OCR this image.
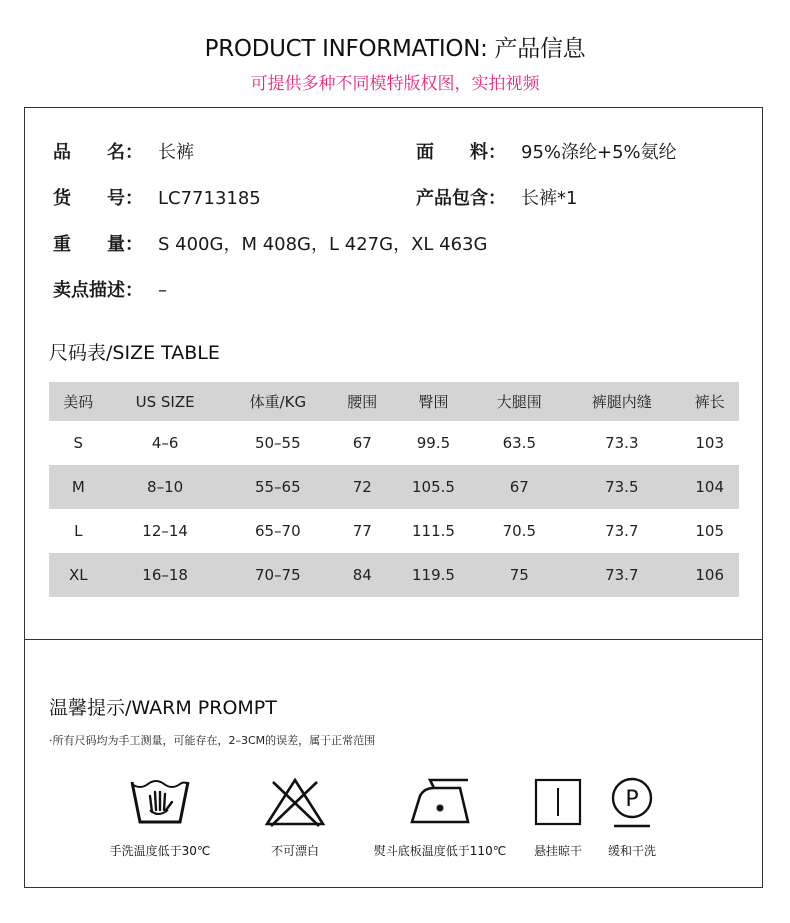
PRODUCT INFORMATION: 产品信息
可提供多种不同模特版权图，实拍视频
品　　名： 长裤	面　　料： 95%涤纶+5%氨纶
货　　号： LC7713185	产品包含： 长裤*1
重　　量： S 400G，M 408G，L 427G，XL 463G
卖点描述： –
尺码表/SIZE TABLE
美码	US SIZE	体重/KG	腰围	臀围	大腿围	裤腿内缝	裤长
S	4–6	50–55	67	99.5	63.5	73.3	103
M	8–10	55–65	72	105.5	67	73.5	104
L	12–14	65–70	77	111.5	70.5	73.7	105
XL	16–18	70–75	84	119.5	75	73.7	106
温馨提示/WARM PROMPT
·所有尺码均为手工测量，可能存在，2–3CM的误差，属于正常范围
手洗温度低于30℃	不可漂白	熨斗底板温度低于110℃	悬挂晾干
P
缓和干洗
